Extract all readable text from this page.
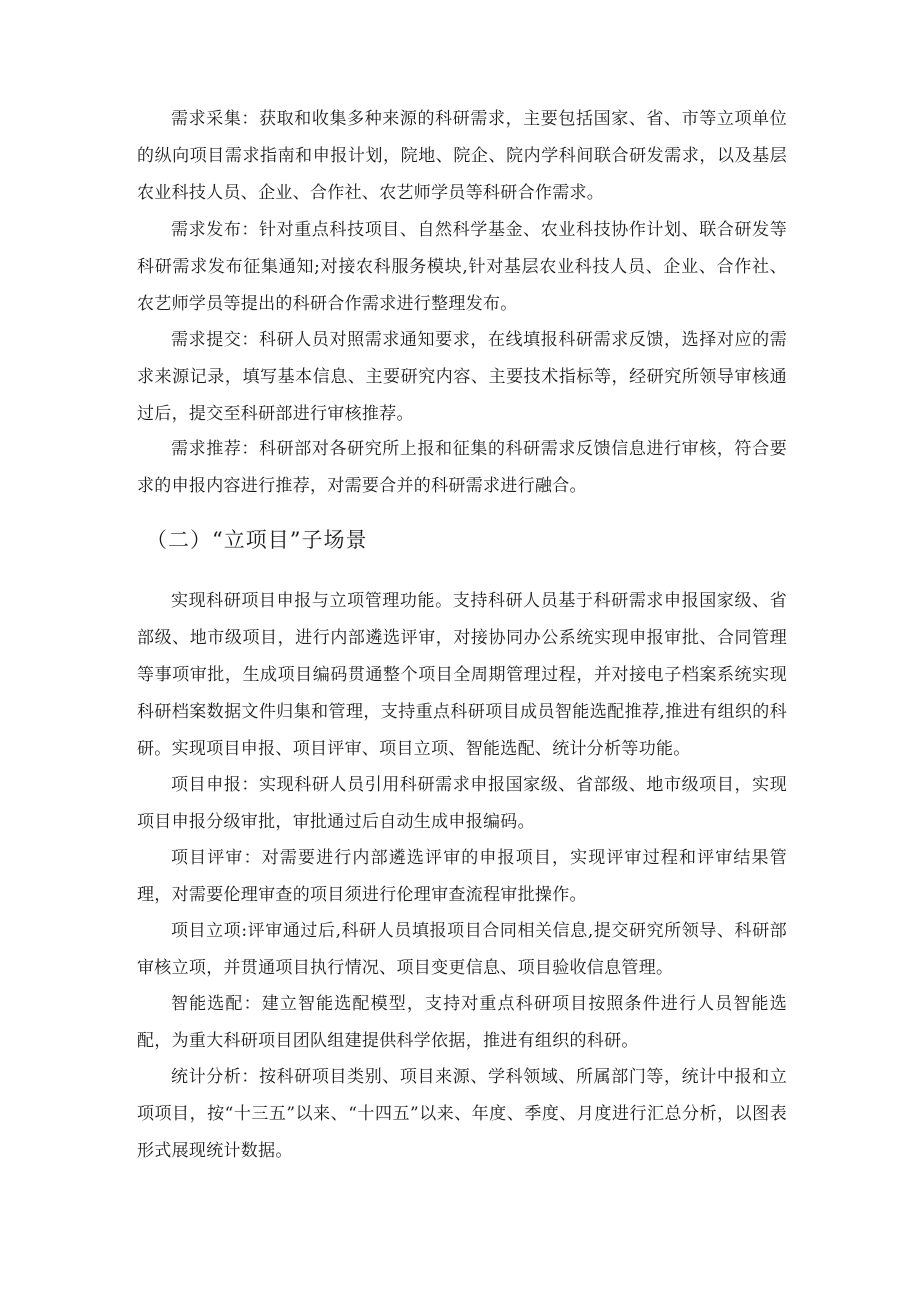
需求采集：获取和收集多种来源的科研需求，主要包括国家、省、市等立项单位的纵向项目需求指南和申报计划，院地、院企、院内学科间联合研发需求，以及基层农业科技人员、企业、合作社、农艺师学员等科研合作需求。

需求发布：针对重点科技项目、自然科学基金、农业科技协作计划、联合研发等科研需求发布征集通知;对接农科服务模块,针对基层农业科技人员、企业、合作社、农艺师学员等提出的科研合作需求进行整理发布。

需求提交：科研人员对照需求通知要求，在线填报科研需求反馈，选择对应的需求来源记录，填写基本信息、主要研究内容、主要技术指标等，经研究所领导审核通过后，提交至科研部进行审核推荐。

需求推荐：科研部对各研究所上报和征集的科研需求反馈信息进行审核，符合要求的申报内容进行推荐，对需要合并的科研需求进行融合。

（二）“立项目”子场景

实现科研项目申报与立项管理功能。支持科研人员基于科研需求申报国家级、省部级、地市级项目，进行内部遴选评审，对接协同办公系统实现申报审批、合同管理等事项审批，生成项目编码贯通整个项目全周期管理过程，并对接电子档案系统实现科研档案数据文件归集和管理，支持重点科研项目成员智能选配推荐,推进有组织的科研。实现项目申报、项目评审、项目立项、智能选配、统计分析等功能。

项目申报：实现科研人员引用科研需求申报国家级、省部级、地市级项目，实现项目申报分级审批，审批通过后自动生成申报编码。

项目评审：对需要进行内部遴选评审的申报项目，实现评审过程和评审结果管理，对需要伦理审查的项目须进行伦理审查流程审批操作。

项目立项:评审通过后,科研人员填报项目合同相关信息,提交研究所领导、科研部审核立项，并贯通项目执行情况、项目变更信息、项目验收信息管理。

智能选配：建立智能选配模型，支持对重点科研项目按照条件进行人员智能选配，为重大科研项目团队组建提供科学依据，推进有组织的科研。

统计分析：按科研项目类别、项目来源、学科领域、所属部门等，统计中报和立项项目，按“十三五”以来、“十四五”以来、年度、季度、月度进行汇总分析，以图表形式展现统计数据。
